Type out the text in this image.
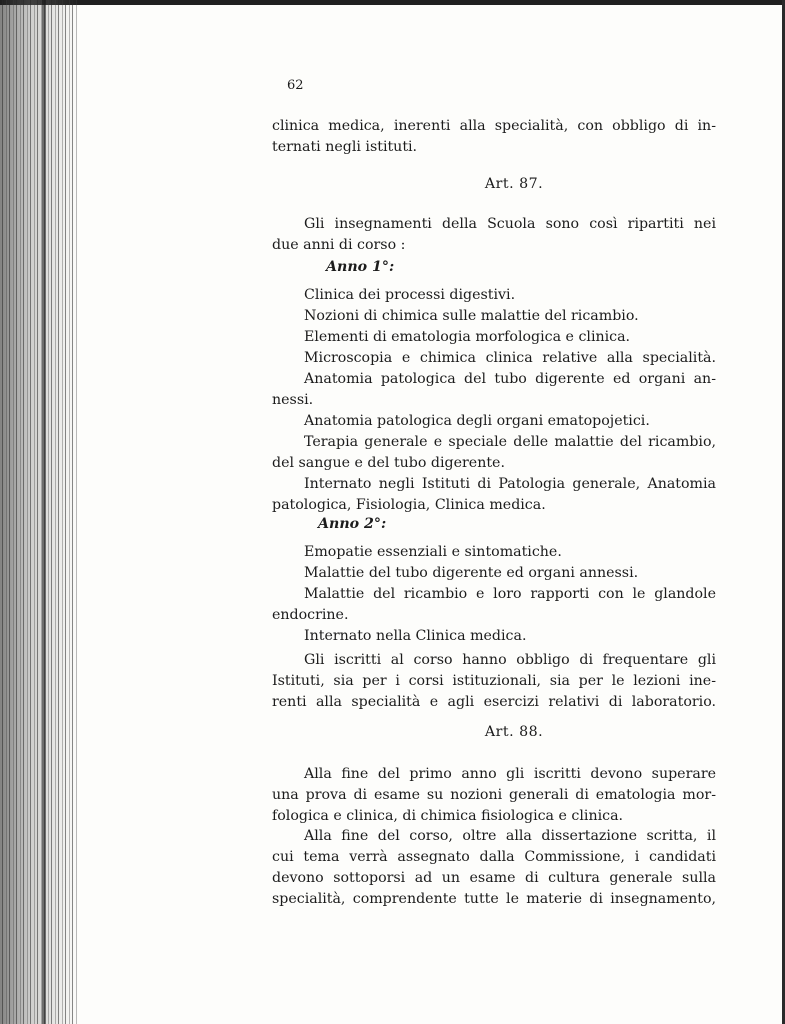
62
clinica medica, inerenti alla specialità, con obbligo di in-
ternati negli istituti.
Art. 87.
Gli insegnamenti della Scuola sono così ripartiti nei
due anni di corso :
Anno 1°:
Clinica dei processi digestivi.
Nozioni di chimica sulle malattie del ricambio.
Elementi di ematologia morfologica e clinica.
Microscopia e chimica clinica relative alla specialità.
Anatomia patologica del tubo digerente ed organi an-
nessi.
Anatomia patologica degli organi ematopojetici.
Terapia generale e speciale delle malattie del ricambio,
del sangue e del tubo digerente.
Internato negli Istituti di Patologia generale, Anatomia
patologica, Fisiologia, Clinica medica.
Anno 2°:
Emopatie essenziali e sintomatiche.
Malattie del tubo digerente ed organi annessi.
Malattie del ricambio e loro rapporti con le glandole
endocrine.
Internato nella Clinica medica.
Gli iscritti al corso hanno obbligo di frequentare gli
Istituti, sia per i corsi istituzionali, sia per le lezioni ine-
renti alla specialità e agli esercizi relativi di laboratorio.
Art. 88.
Alla fine del primo anno gli iscritti devono superare
una prova di esame su nozioni generali di ematologia mor-
fologica e clinica, di chimica fisiologica e clinica.
Alla fine del corso, oltre alla dissertazione scritta, il
cui tema verrà assegnato dalla Commissione, i candidati
devono sottoporsi ad un esame di cultura generale sulla
specialità, comprendente tutte le materie di insegnamento,
